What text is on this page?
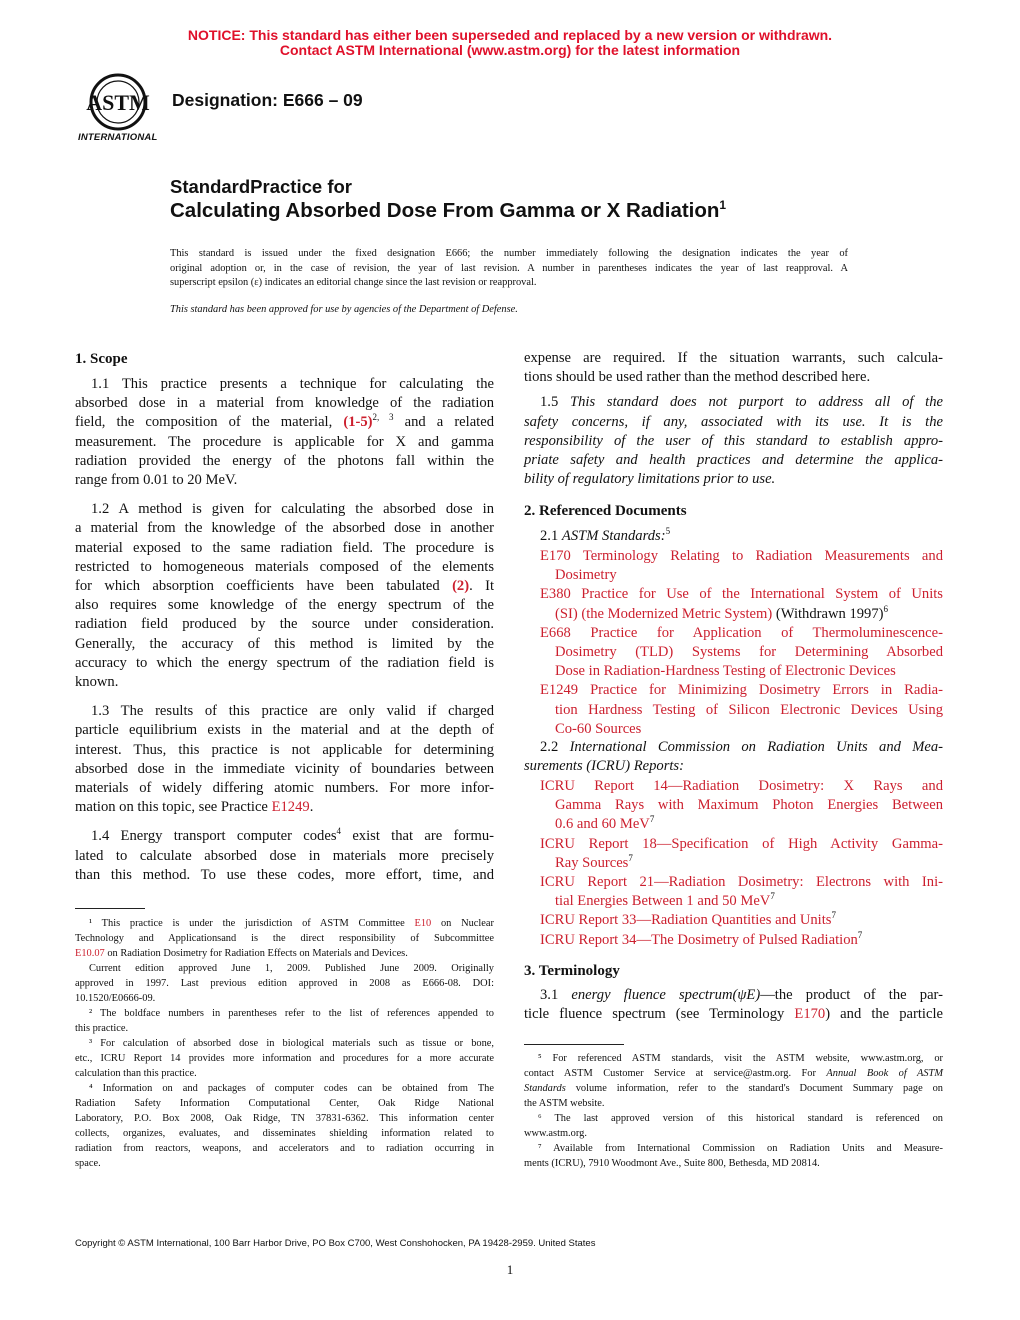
NOTICE: This standard has either been superseded and replaced by a new version or withdrawn.
Contact ASTM International (www.astm.org) for the latest information
ASTM
INTERNATIONAL
Designation: E666 – 09
StandardPractice for
Calculating Absorbed Dose From Gamma or X Radiation$^1$
This standard is issued under the fixed designation E666; the number immediately following the designation indicates the year of
original adoption or, in the case of revision, the year of last revision. A number in parentheses indicates the year of last reapproval. A
superscript epsilon (ε) indicates an editorial change since the last revision or reapproval.
This standard has been approved for use by agencies of the Department of Defense.
1. Scope
1.1 This practice presents a technique for calculating the
absorbed dose in a material from knowledge of the radiation
field, the composition of the material, $(1-5)^{2, 3}$ and a related
measurement. The procedure is applicable for X and gamma
radiation provided the energy of the photons fall within the
range from 0.01 to 20 MeV.
1.2 A method is given for calculating the absorbed dose in
a material from the knowledge of the absorbed dose in another
material exposed to the same radiation field. The procedure is
restricted to homogeneous materials composed of the elements
for which absorption coefficients have been tabulated (2). It
also requires some knowledge of the energy spectrum of the
radiation field produced by the source under consideration.
Generally, the accuracy of this method is limited by the
accuracy to which the energy spectrum of the radiation field is
known.
1.3 The results of this practice are only valid if charged
particle equilibrium exists in the material and at the depth of
interest. Thus, this practice is not applicable for determining
absorbed dose in the immediate vicinity of boundaries between
materials of widely differing atomic numbers. For more infor-
mation on this topic, see Practice E1249.
1.4 Energy transport computer codes$^4$ exist that are formu-
lated to calculate absorbed dose in materials more precisely
than this method. To use these codes, more effort, time, and
¹ This practice is under the jurisdiction of ASTM Committee E10 on Nuclear
Technology and Applicationsand is the direct responsibility of Subcommittee
E10.07 on Radiation Dosimetry for Radiation Effects on Materials and Devices.
Current edition approved June 1, 2009. Published June 2009. Originally
approved in 1997. Last previous edition approved in 2008 as E666-08. DOI:
10.1520/E0666-09.
² The boldface numbers in parentheses refer to the list of references appended to
this practice.
³ For calculation of absorbed dose in biological materials such as tissue or bone,
etc., ICRU Report 14 provides more information and procedures for a more accurate
calculation than this practice.
⁴ Information on and packages of computer codes can be obtained from The
Radiation Safety Information Computational Center, Oak Ridge National
Laboratory, P.O. Box 2008, Oak Ridge, TN 37831-6362. This information center
collects, organizes, evaluates, and disseminates shielding information related to
radiation from reactors, weapons, and accelerators and to radiation occurring in
space.
expense are required. If the situation warrants, such calcula-
tions should be used rather than the method described here.
1.5 This standard does not purport to address all of the
safety concerns, if any, associated with its use. It is the
responsibility of the user of this standard to establish appro-
priate safety and health practices and determine the applica-
bility of regulatory limitations prior to use.
2. Referenced Documents
2.1 ASTM Standards:$^5$
E170 Terminology Relating to Radiation Measurements and
Dosimetry
E380 Practice for Use of the International System of Units
(SI) (the Modernized Metric System) (Withdrawn 1997)$^6$
E668 Practice for Application of Thermoluminescence-
Dosimetry (TLD) Systems for Determining Absorbed
Dose in Radiation-Hardness Testing of Electronic Devices
E1249 Practice for Minimizing Dosimetry Errors in Radia-
tion Hardness Testing of Silicon Electronic Devices Using
Co-60 Sources
2.2 International Commission on Radiation Units and Mea-
surements (ICRU) Reports:
ICRU Report 14—Radiation Dosimetry: X Rays and
Gamma Rays with Maximum Photon Energies Between
0.6 and 60 MeV$^7$
ICRU Report 18—Specification of High Activity Gamma-
Ray Sources$^7$
ICRU Report 21—Radiation Dosimetry: Electrons with Ini-
tial Energies Between 1 and 50 MeV$^7$
ICRU Report 33—Radiation Quantities and Units$^7$
ICRU Report 34—The Dosimetry of Pulsed Radiation$^7$
3. Terminology
3.1 energy fluence spectrum(ψE)—the product of the par-
ticle fluence spectrum (see Terminology E170) and the particle
⁵ For referenced ASTM standards, visit the ASTM website, www.astm.org, or
contact ASTM Customer Service at service@astm.org. For Annual Book of ASTM
Standards volume information, refer to the standard's Document Summary page on
the ASTM website.
⁶ The last approved version of this historical standard is referenced on
www.astm.org.
⁷ Available from International Commission on Radiation Units and Measure-
ments (ICRU), 7910 Woodmont Ave., Suite 800, Bethesda, MD 20814.
Copyright © ASTM International, 100 Barr Harbor Drive, PO Box C700, West Conshohocken, PA 19428-2959. United States
1
